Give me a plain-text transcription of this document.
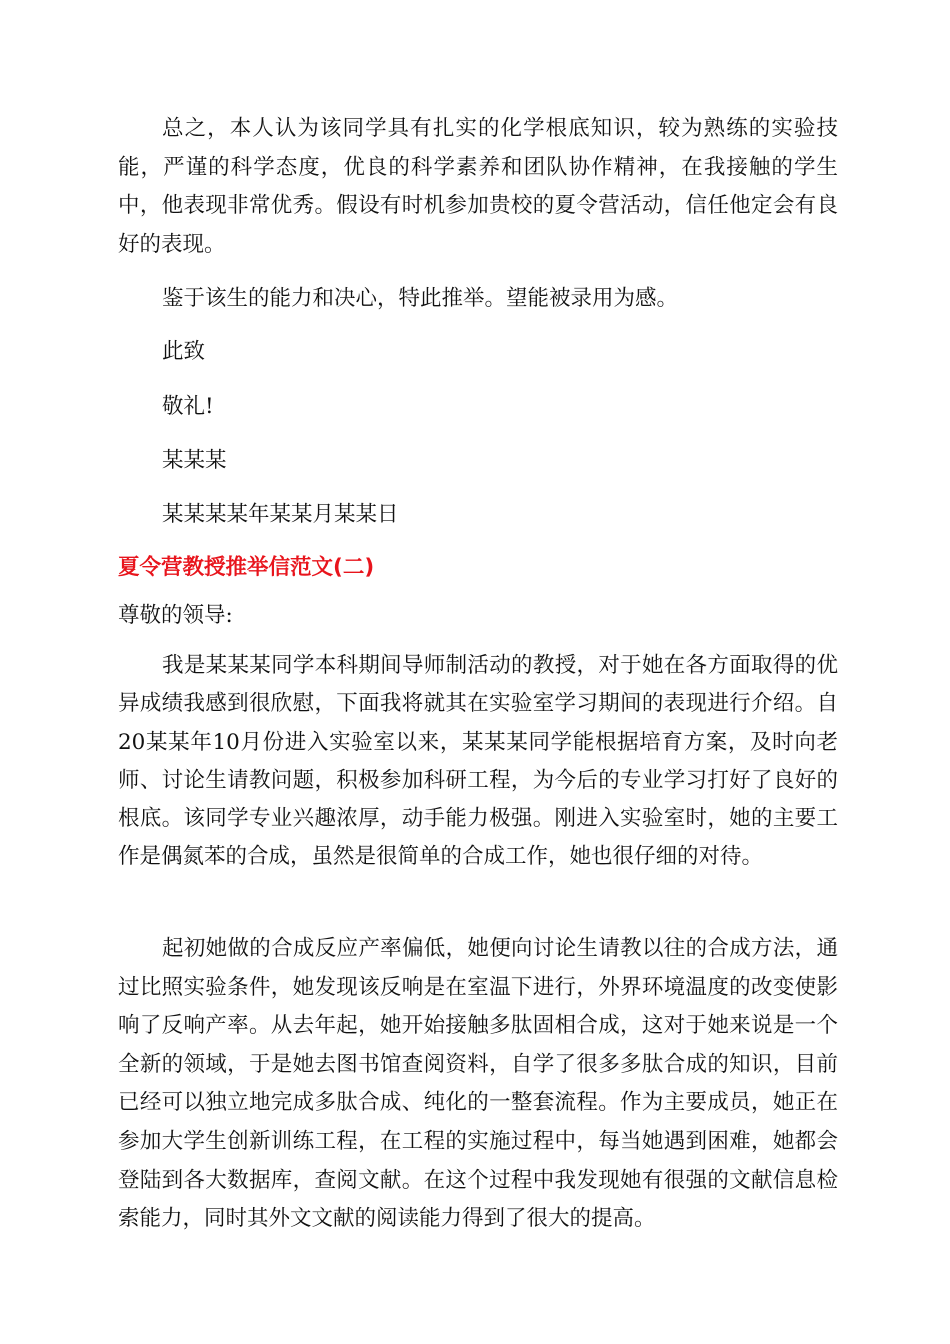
总之，本人认为该同学具有扎实的化学根底知识，较为熟练的实验技能，严谨的科学态度，优良的科学素养和团队协作精神，在我接触的学生中，他表现非常优秀。假设有时机参加贵校的夏令营活动，信任他定会有良好的表现。

鉴于该生的能力和决心，特此推举。望能被录用为感。

此致

敬礼!

某某某

某某某某年某某月某某日

夏令营教授推举信范文(二)

尊敬的领导:

我是某某某同学本科期间导师制活动的教授，对于她在各方面取得的优异成绩我感到很欣慰，下面我将就其在实验室学习期间的表现进行介绍。自20某某年10月份进入实验室以来，某某某同学能根据培育方案，及时向老师、讨论生请教问题，积极参加科研工程，为今后的专业学习打好了良好的根底。该同学专业兴趣浓厚，动手能力极强。刚进入实验室时，她的主要工作是偶氮苯的合成，虽然是很简单的合成工作，她也很仔细的对待。

起初她做的合成反应产率偏低，她便向讨论生请教以往的合成方法，通过比照实验条件，她发现该反响是在室温下进行，外界环境温度的改变使影响了反响产率。从去年起，她开始接触多肽固相合成，这对于她来说是一个全新的领域，于是她去图书馆查阅资料，自学了很多多肽合成的知识，目前已经可以独立地完成多肽合成、纯化的一整套流程。作为主要成员，她正在参加大学生创新训练工程，在工程的实施过程中，每当她遇到困难，她都会登陆到各大数据库，查阅文献。在这个过程中我发现她有很强的文献信息检索能力，同时其外文文献的阅读能力得到了很大的提高。
